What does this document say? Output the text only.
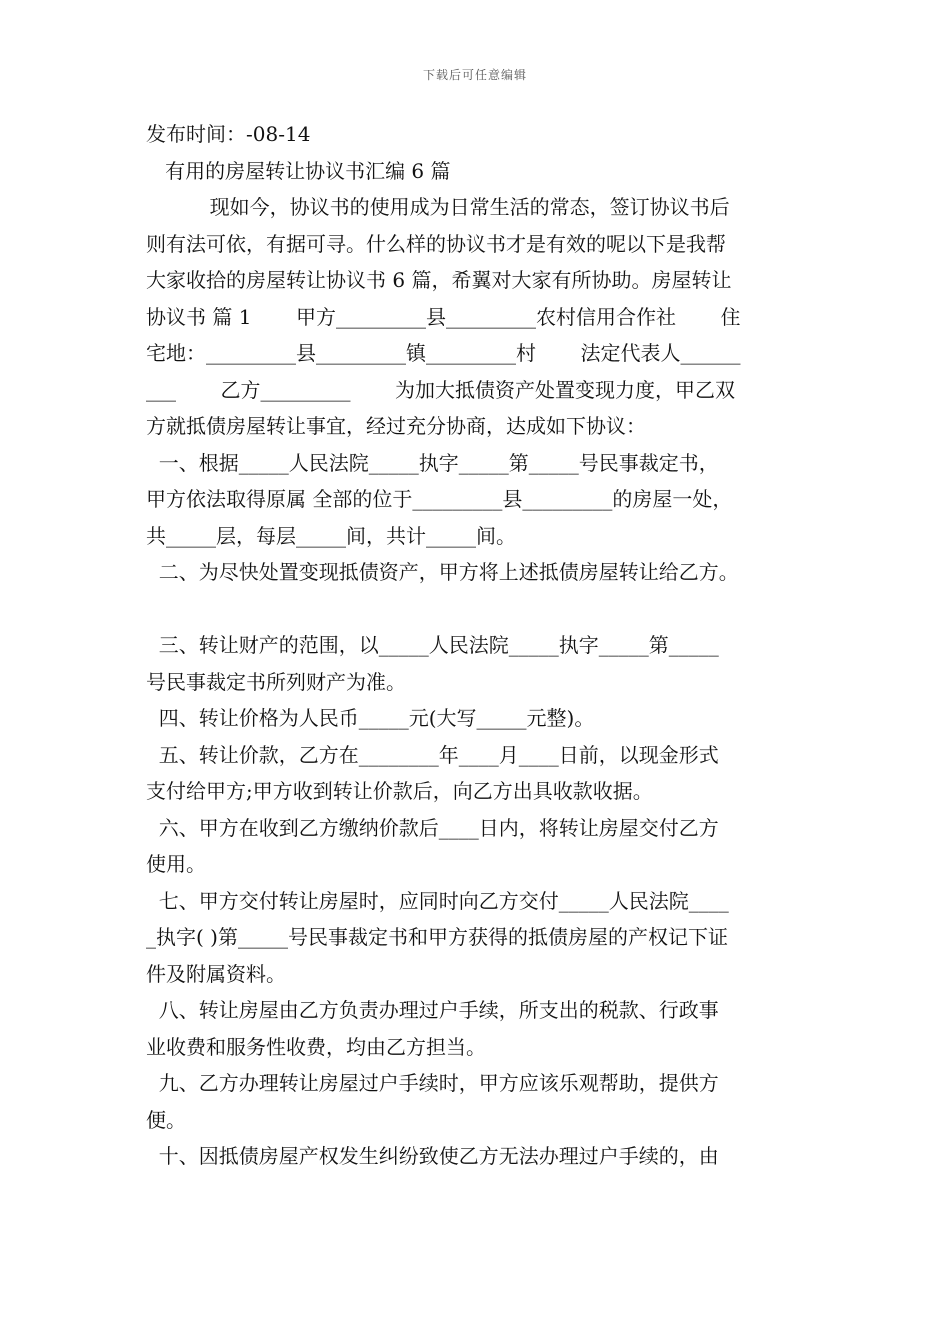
下载后可任意编辑
发布时间：-08-14
有用的房屋转让协议书汇编 6 篇
现如今，协议书的使用成为日常生活的常态，签订协议书后
则有法可依，有据可寻。什么样的协议书才是有效的呢以下是我帮
大家收拾的房屋转让协议书 6 篇，希翼对大家有所协助。房屋转让
协议书 篇 1       甲方_________县_________农村信用合作社       住
宅地：_________县_________镇_________村       法定代表人______
___       乙方_________       为加大抵债资产处置变现力度，甲乙双
方就抵债房屋转让事宜，经过充分协商，达成如下协议：
一、根据_____人民法院_____执字_____第_____号民事裁定书，
甲方依法取得原属 全部的位于_________县_________的房屋一处，
共_____层，每层_____间，共计_____间。
二、为尽快处置变现抵债资产，甲方将上述抵债房屋转让给乙方。
三、转让财产的范围，以_____人民法院_____执字_____第_____
号民事裁定书所列财产为准。
四、转让价格为人民币_____元(大写_____元整)。
五、转让价款，乙方在________年____月____日前，以现金形式
支付给甲方;甲方收到转让价款后，向乙方出具收款收据。
六、甲方在收到乙方缴纳价款后____日内，将转让房屋交付乙方
使用。
七、甲方交付转让房屋时，应同时向乙方交付_____人民法院____
_执字( )第_____号民事裁定书和甲方获得的抵债房屋的产权记下证
件及附属资料。
八、转让房屋由乙方负责办理过户手续，所支出的税款、行政事
业收费和服务性收费，均由乙方担当。
九、乙方办理转让房屋过户手续时，甲方应该乐观帮助，提供方
便。
十、因抵债房屋产权发生纠纷致使乙方无法办理过户手续的，由
